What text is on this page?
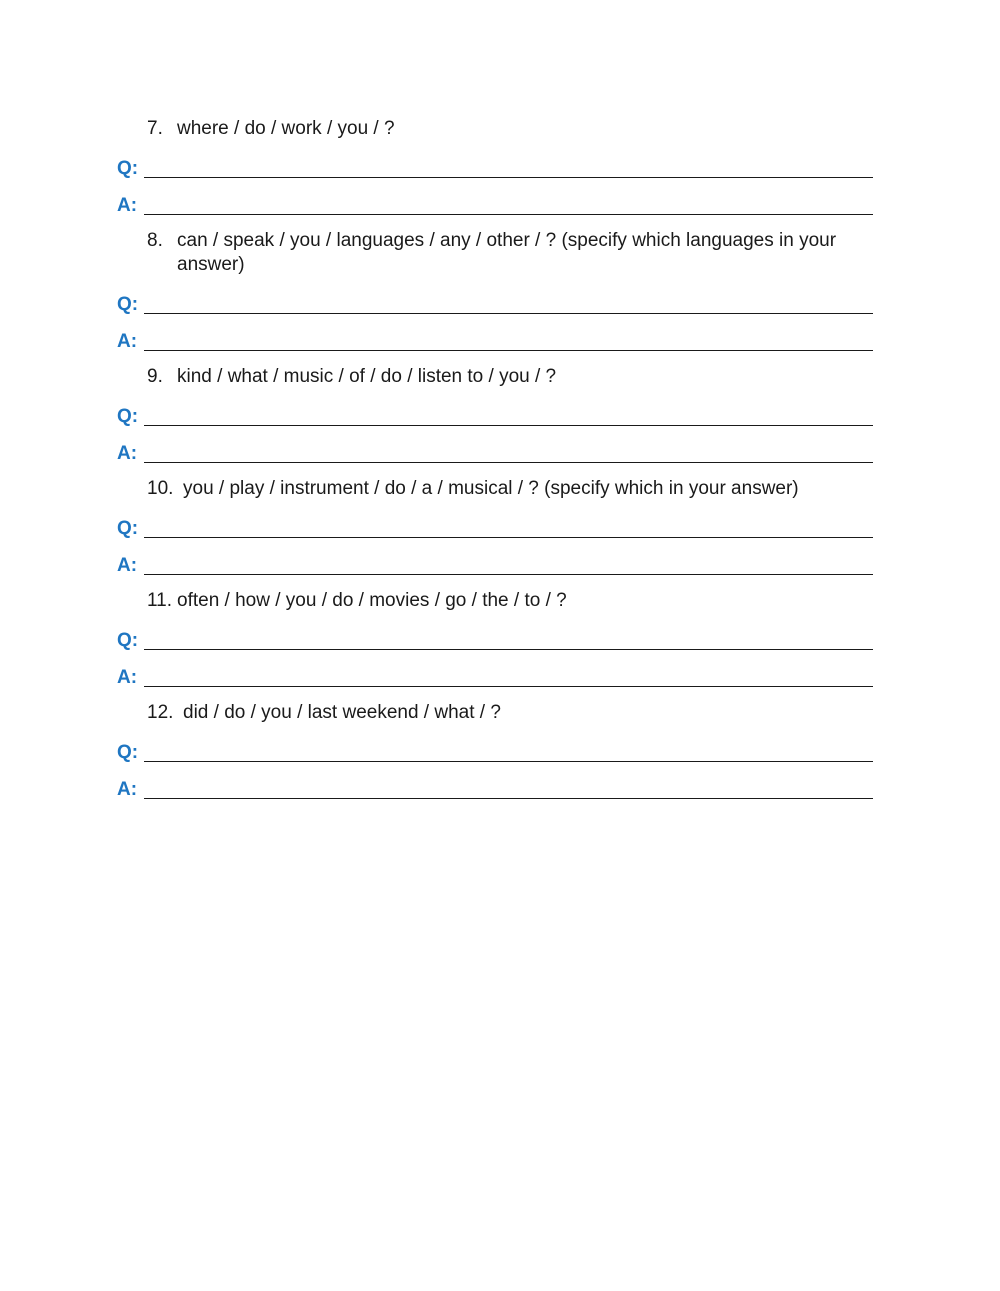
7. where / do / work / you / ?
Q:
A:
8. can / speak / you / languages / any / other / ? (specify which languages in your answer)
Q:
A:
9. kind / what / music / of / do / listen to / you / ?
Q:
A:
10. you / play / instrument / do / a / musical / ? (specify which in your answer)
Q:
A:
11. often / how / you / do / movies / go / the / to / ?
Q:
A:
12. did / do / you / last weekend / what / ?
Q:
A:
